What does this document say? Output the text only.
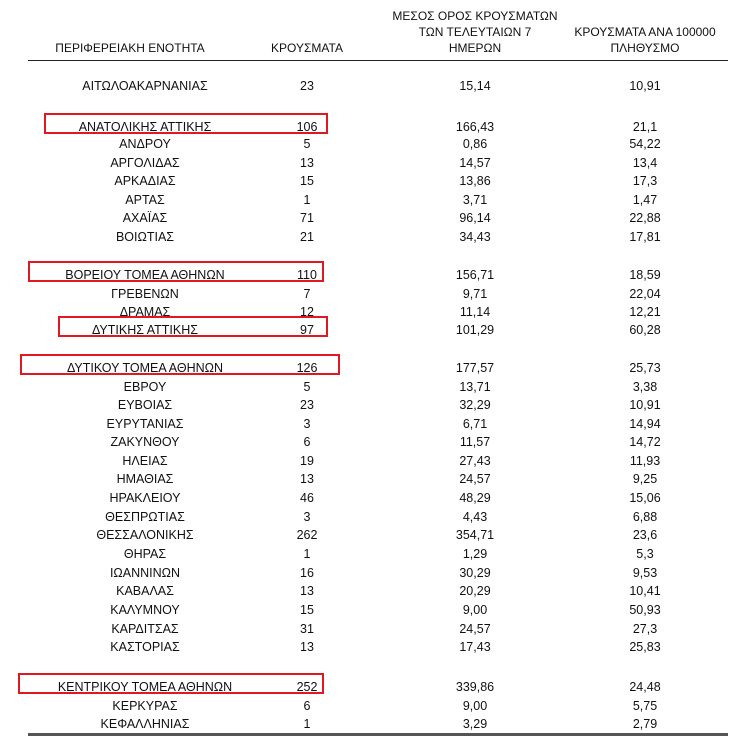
ΠΕΡΙΦΕΡΕΙΑΚΗ ΕΝΟΤΗΤΑ	ΚΡΟΥΣΜΑΤΑ
ΜΕΣΟΣ ΟΡΟΣ ΚΡΟΥΣΜΑΤΩΝ
ΤΩΝ ΤΕΛΕΥΤΑΙΩΝ 7
ΗΜΕΡΩΝ
ΚΡΟΥΣΜΑΤΑ ΑΝΑ 100000
ΠΛΗΘΥΣΜΟ
ΑΙΤΩΛΟΑΚΑΡΝΑΝΙΑΣ	23	15,14	10,91
ΑΝΑΤΟΛΙΚΗΣ ΑΤΤΙΚΗΣ	106	166,43	21,1
ΑΝΔΡΟΥ	5	0,86	54,22
ΑΡΓΟΛΙΔΑΣ	13	14,57	13,4
ΑΡΚΑΔΙΑΣ	15	13,86	17,3
ΑΡΤΑΣ	1	3,71	1,47
ΑΧΑΪΑΣ	71	96,14	22,88
ΒΟΙΩΤΙΑΣ	21	34,43	17,81
ΒΟΡΕΙΟΥ ΤΟΜΕΑ ΑΘΗΝΩΝ	110	156,71	18,59
ΓΡΕΒΕΝΩΝ	7	9,71	22,04
ΔΡΑΜΑΣ	12	11,14	12,21
ΔΥΤΙΚΗΣ ΑΤΤΙΚΗΣ	97	101,29	60,28
ΔΥΤΙΚΟΥ ΤΟΜΕΑ ΑΘΗΝΩΝ	126	177,57	25,73
ΕΒΡΟΥ	5	13,71	3,38
ΕΥΒΟΙΑΣ	23	32,29	10,91
ΕΥΡΥΤΑΝΙΑΣ	3	6,71	14,94
ΖΑΚΥΝΘΟΥ	6	11,57	14,72
ΗΛΕΙΑΣ	19	27,43	11,93
ΗΜΑΘΙΑΣ	13	24,57	9,25
ΗΡΑΚΛΕΙΟΥ	46	48,29	15,06
ΘΕΣΠΡΩΤΙΑΣ	3	4,43	6,88
ΘΕΣΣΑΛΟΝΙΚΗΣ	262	354,71	23,6
ΘΗΡΑΣ	1	1,29	5,3
ΙΩΑΝΝΙΝΩΝ	16	30,29	9,53
ΚΑΒΑΛΑΣ	13	20,29	10,41
ΚΑΛΥΜΝΟΥ	15	9,00	50,93
ΚΑΡΔΙΤΣΑΣ	31	24,57	27,3
ΚΑΣΤΟΡΙΑΣ	13	17,43	25,83
ΚΕΝΤΡΙΚΟΥ ΤΟΜΕΑ ΑΘΗΝΩΝ	252	339,86	24,48
ΚΕΡΚΥΡΑΣ	6	9,00	5,75
ΚΕΦΑΛΛΗΝΙΑΣ	1	3,29	2,79
